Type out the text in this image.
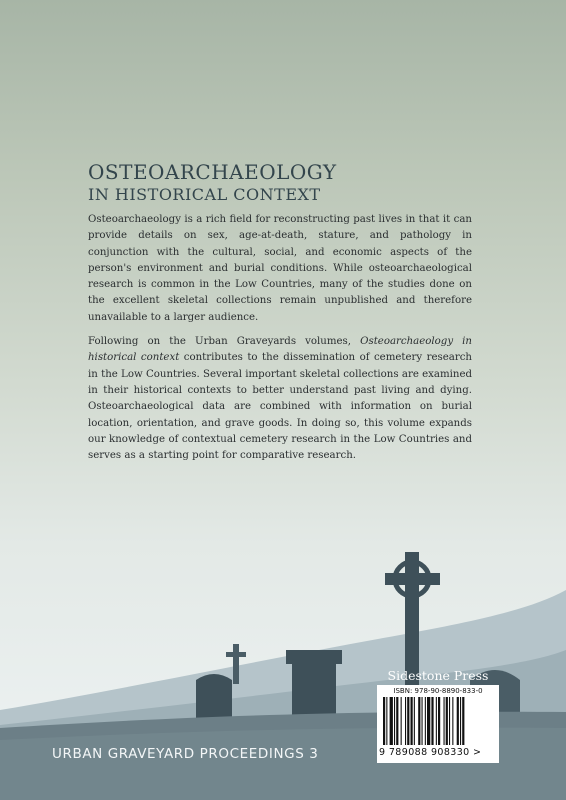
OSTEOARCHAEOLOGY
IN HISTORICAL CONTEXT

Osteoarchaeology is a rich field for reconstructing past lives in that it can provide details on sex, age-at-death, stature, and pathology in conjunction with the cultural, social, and economic aspects of the person's environment and burial conditions. While osteoarchaeological research is common in the Low Countries, many of the studies done on the excellent skeletal collections remain unpublished and therefore unavailable to a larger audience.

Following on the Urban Graveyards volumes, Osteoarchaeology in historical context contributes to the dissemination of cemetery research in the Low Countries. Several important skeletal collections are examined in their historical contexts to better understand past living and dying. Osteoarchaeological data are combined with information on burial location, orientation, and grave goods. In doing so, this volume expands our knowledge of contextual cemetery research in the Low Countries and serves as a starting point for comparative research.

URBAN GRAVEYARD PROCEEDINGS 3
Sidestone Press
ISBN: 978-90-8890-833-0
9 789088 908330 >
